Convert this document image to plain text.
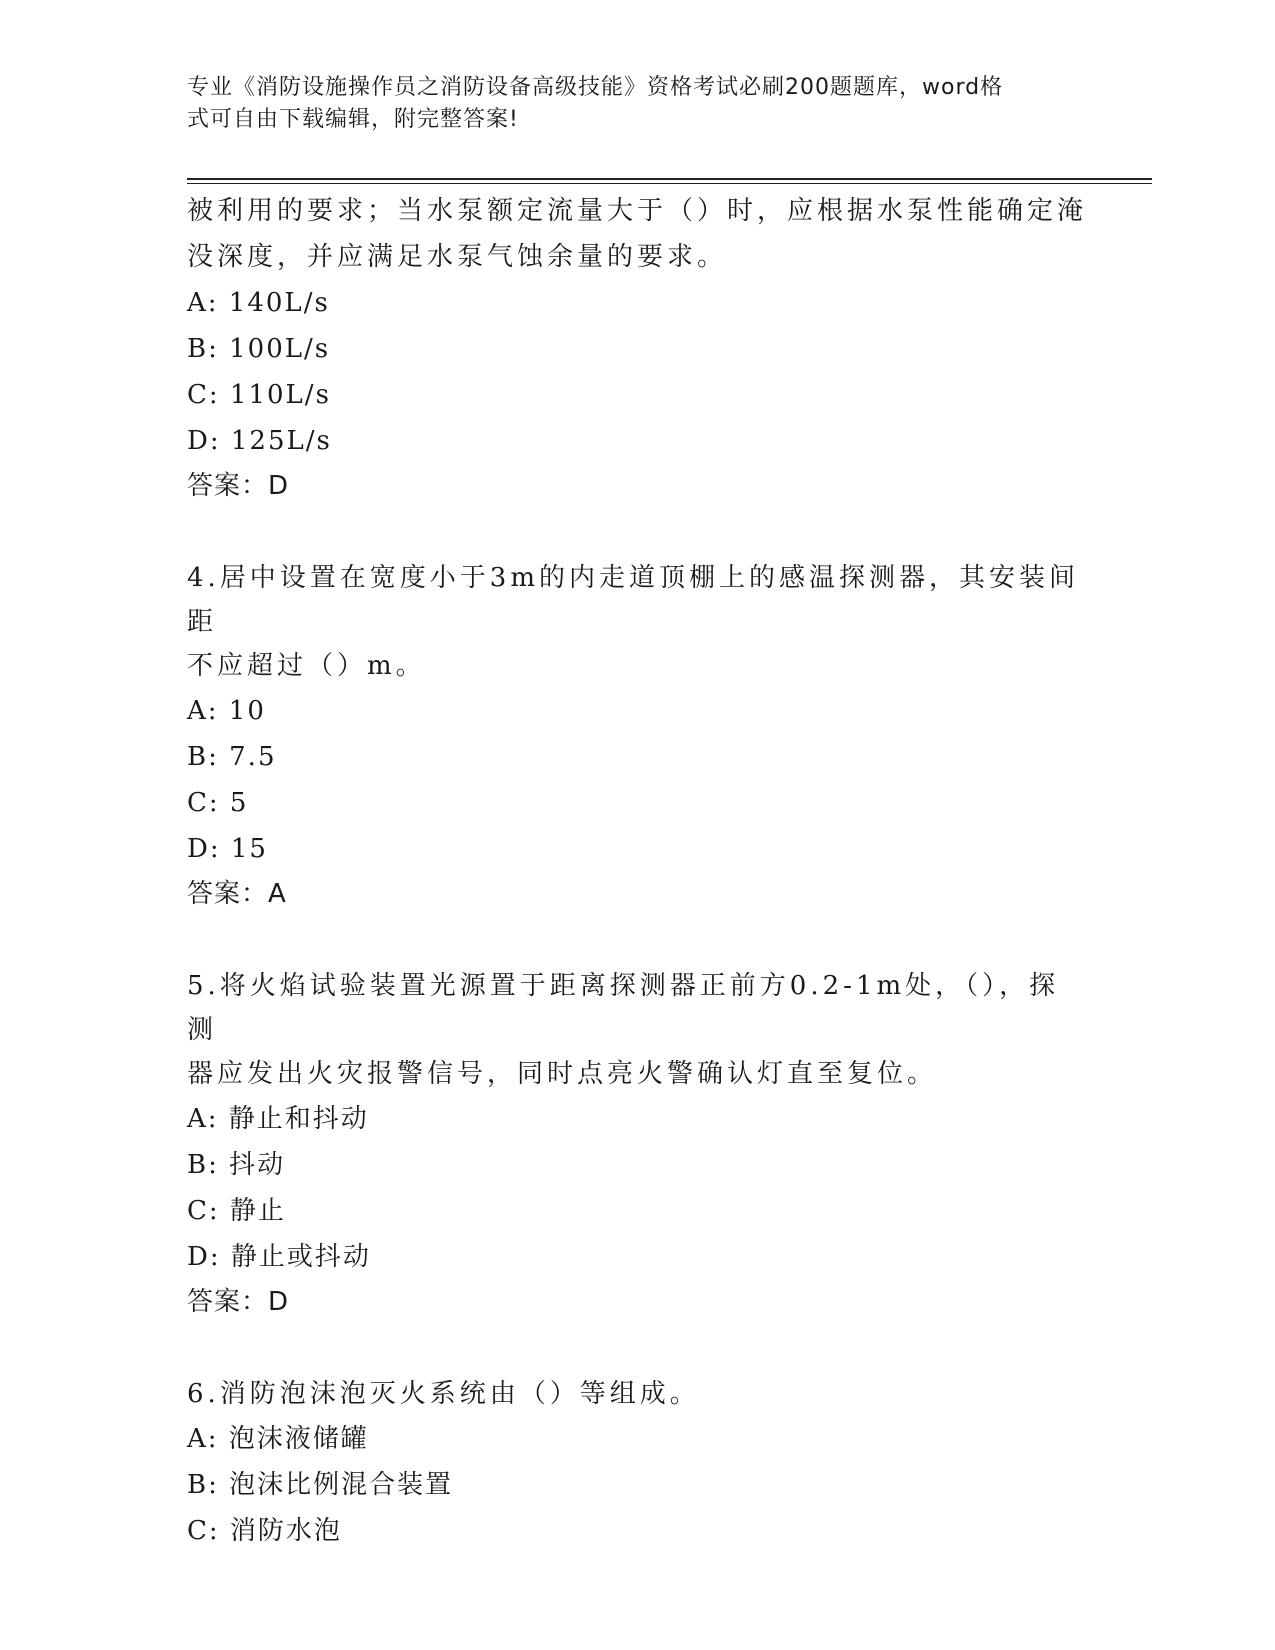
专业《消防设施操作员之消防设备高级技能》资格考试必刷200题题库，word格
式可自由下载编辑，附完整答案!

被利用的要求；当水泵额定流量大于（）时，应根据水泵性能确定淹

没深度，并应满足水泵气蚀余量的要求。

A: 140L/s

B: 100L/s

C: 110L/s

D: 125L/s

答案：D

4.居中设置在宽度小于3m的内走道顶棚上的感温探测器，其安装间距

不应超过（）m。

A: 10

B: 7.5

C: 5

D: 15

答案：A

5.将火焰试验装置光源置于距离探测器正前方0.2-1m处，（），探测

器应发出火灾报警信号，同时点亮火警确认灯直至复位。

A: 静止和抖动

B: 抖动

C: 静止

D: 静止或抖动

答案：D

6.消防泡沫泡灭火系统由（）等组成。

A: 泡沫液储罐

B: 泡沫比例混合装置

C: 消防水泡
